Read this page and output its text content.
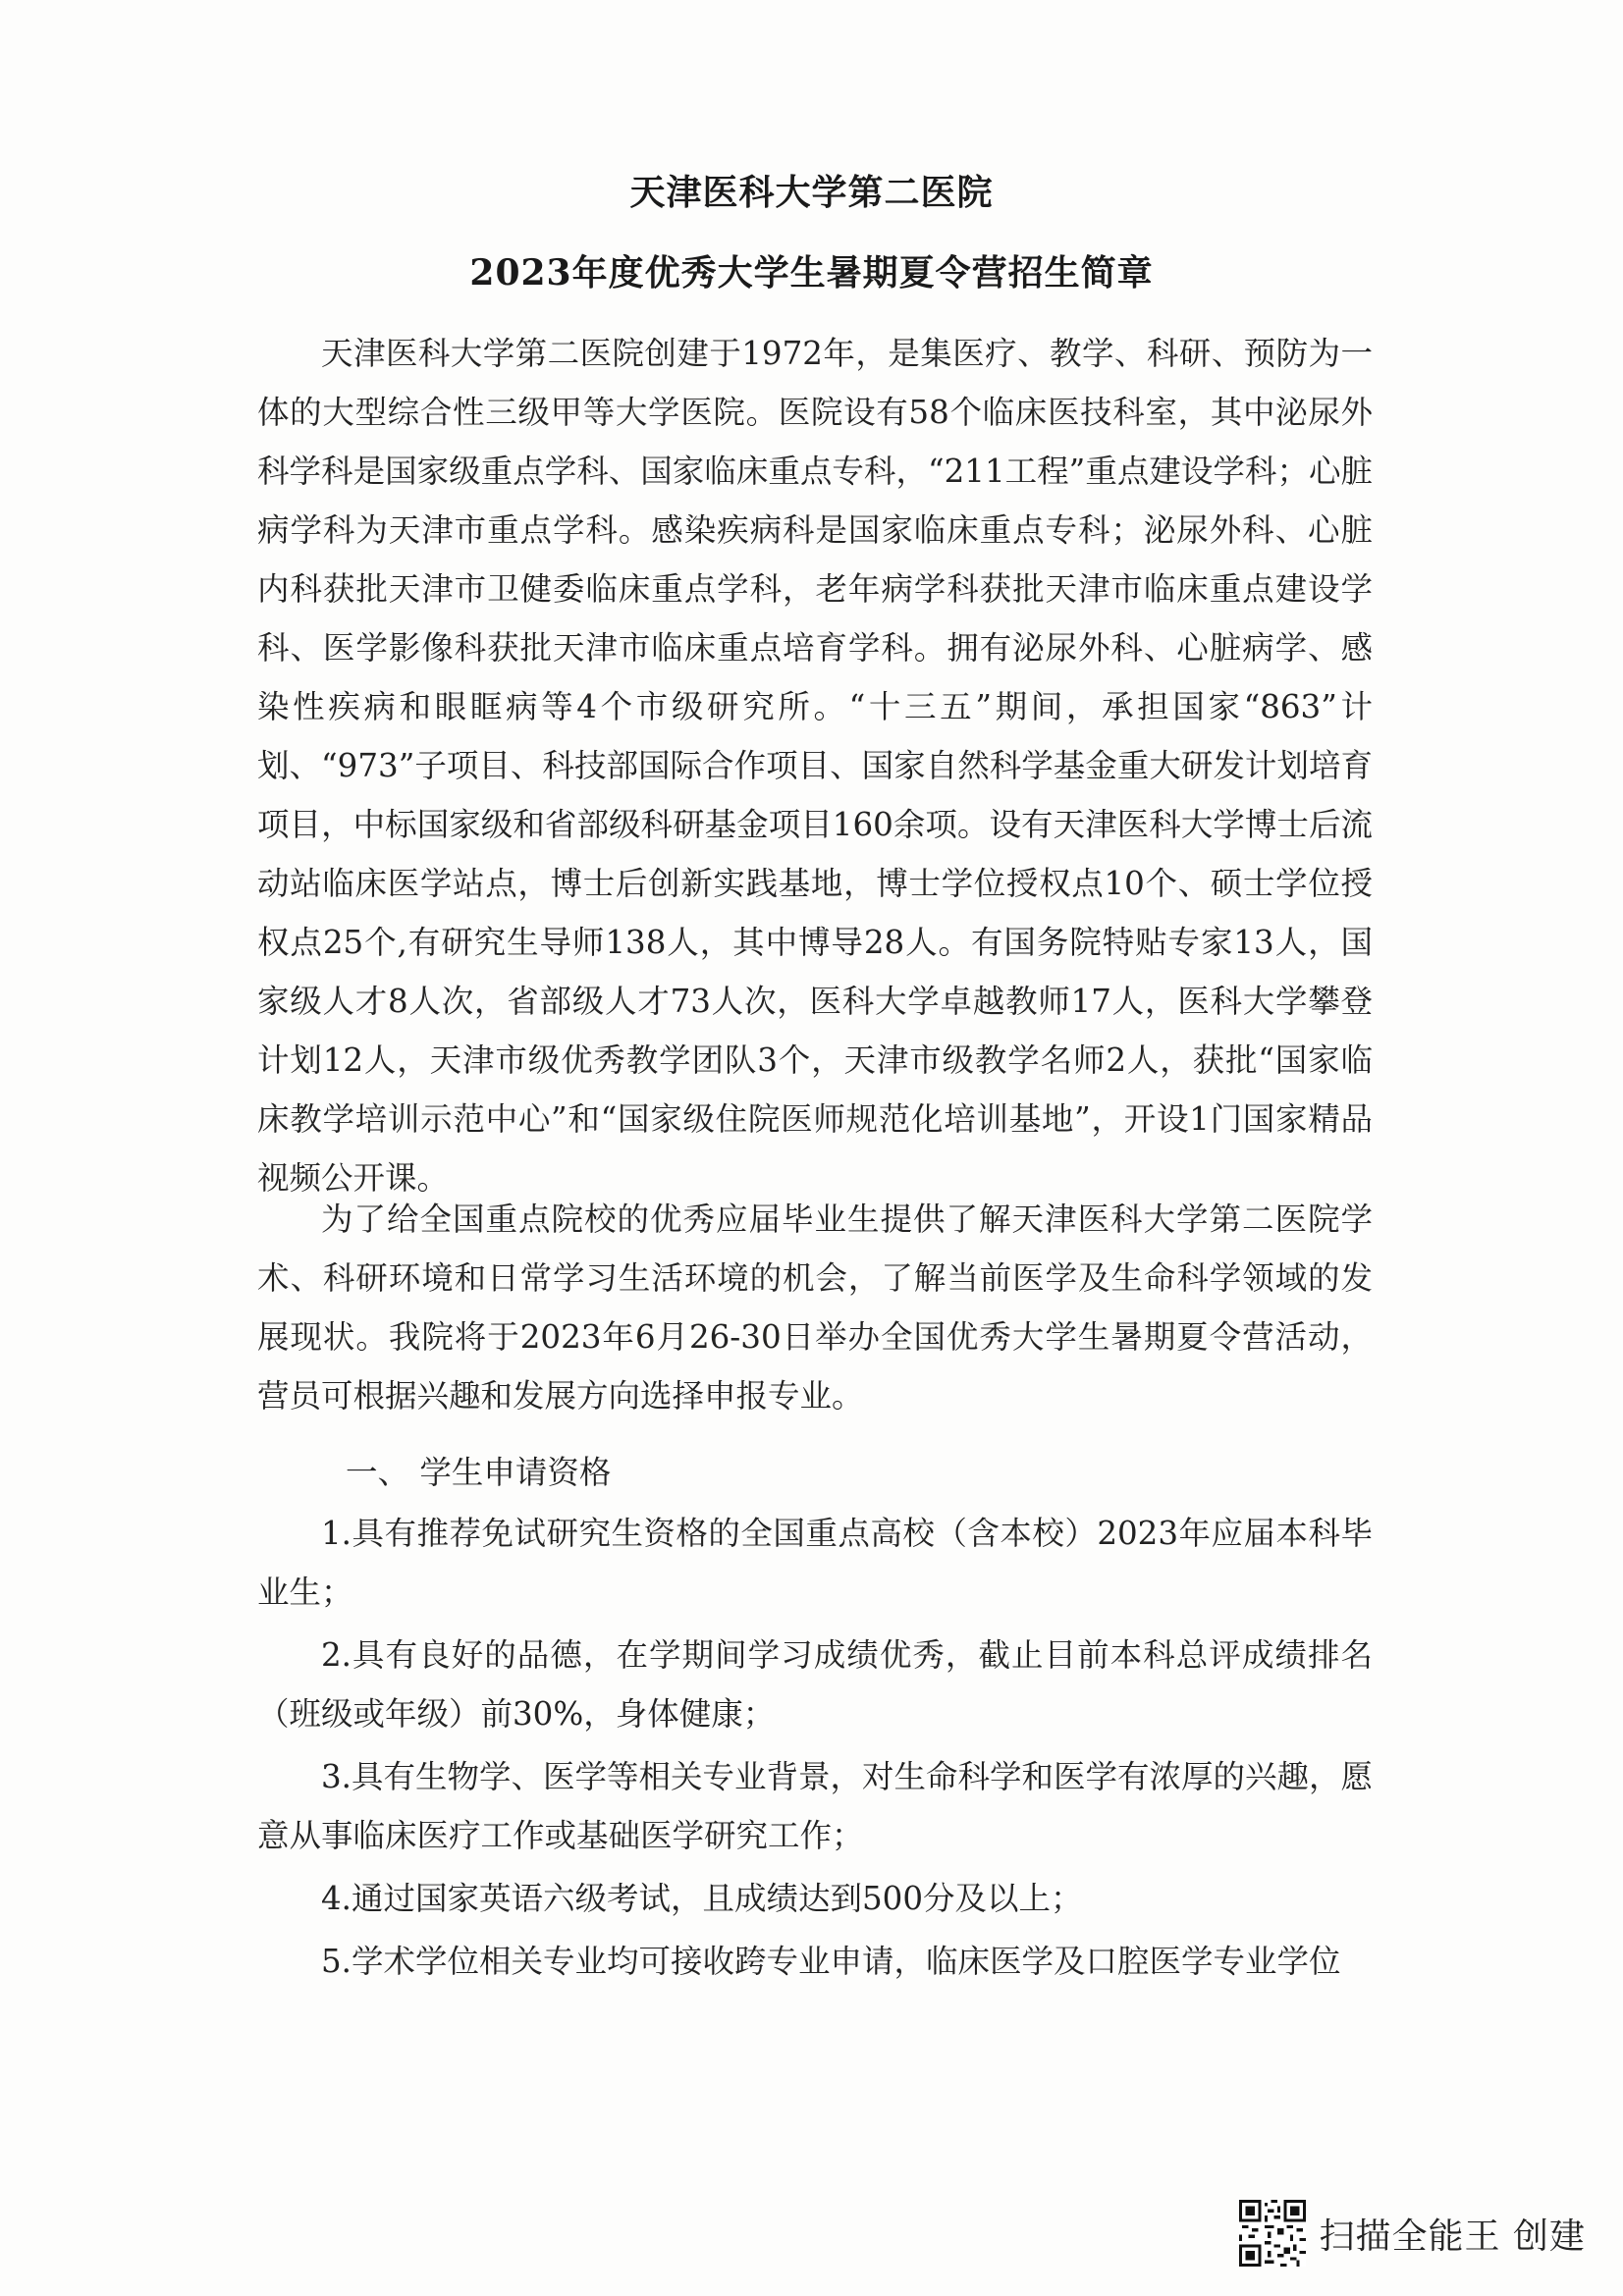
天津医科大学第二医院
2023年度优秀大学生暑期夏令营招生简章

天津医科大学第二医院创建于1972年，是集医疗、教学、科研、预防为一体的大型综合性三级甲等大学医院。医院设有58个临床医技科室，其中泌尿外科学科是国家级重点学科、国家临床重点专科，“211工程”重点建设学科；心脏病学科为天津市重点学科。感染疾病科是国家临床重点专科；泌尿外科、心脏内科获批天津市卫健委临床重点学科，老年病学科获批天津市临床重点建设学科、医学影像科获批天津市临床重点培育学科。拥有泌尿外科、心脏病学、感染性疾病和眼眶病等4个市级研究所。“十三五”期间，承担国家“863”计划、“973”子项目、科技部国际合作项目、国家自然科学基金重大研发计划培育项目，中标国家级和省部级科研基金项目160余项。设有天津医科大学博士后流动站临床医学站点，博士后创新实践基地，博士学位授权点10个、硕士学位授权点25个,有研究生导师138人，其中博导28人。有国务院特贴专家13人，国家级人才8人次，省部级人才73人次，医科大学卓越教师17人，医科大学攀登计划12人，天津市级优秀教学团队3个，天津市级教学名师2人，获批“国家临床教学培训示范中心”和“国家级住院医师规范化培训基地”，开设1门国家精品视频公开课。

为了给全国重点院校的优秀应届毕业生提供了解天津医科大学第二医院学术、科研环境和日常学习生活环境的机会，了解当前医学及生命科学领域的发展现状。我院将于2023年6月26-30日举办全国优秀大学生暑期夏令营活动，营员可根据兴趣和发展方向选择申报专业。

一、 学生申请资格

1.具有推荐免试研究生资格的全国重点高校（含本校）2023年应届本科毕业生；

2.具有良好的品德，在学期间学习成绩优秀，截止目前本科总评成绩排名（班级或年级）前30%，身体健康；

3.具有生物学、医学等相关专业背景，对生命科学和医学有浓厚的兴趣，愿意从事临床医疗工作或基础医学研究工作；

4.通过国家英语六级考试，且成绩达到500分及以上；

5.学术学位相关专业均可接收跨专业申请，临床医学及口腔医学专业学位

扫描全能王 创建
